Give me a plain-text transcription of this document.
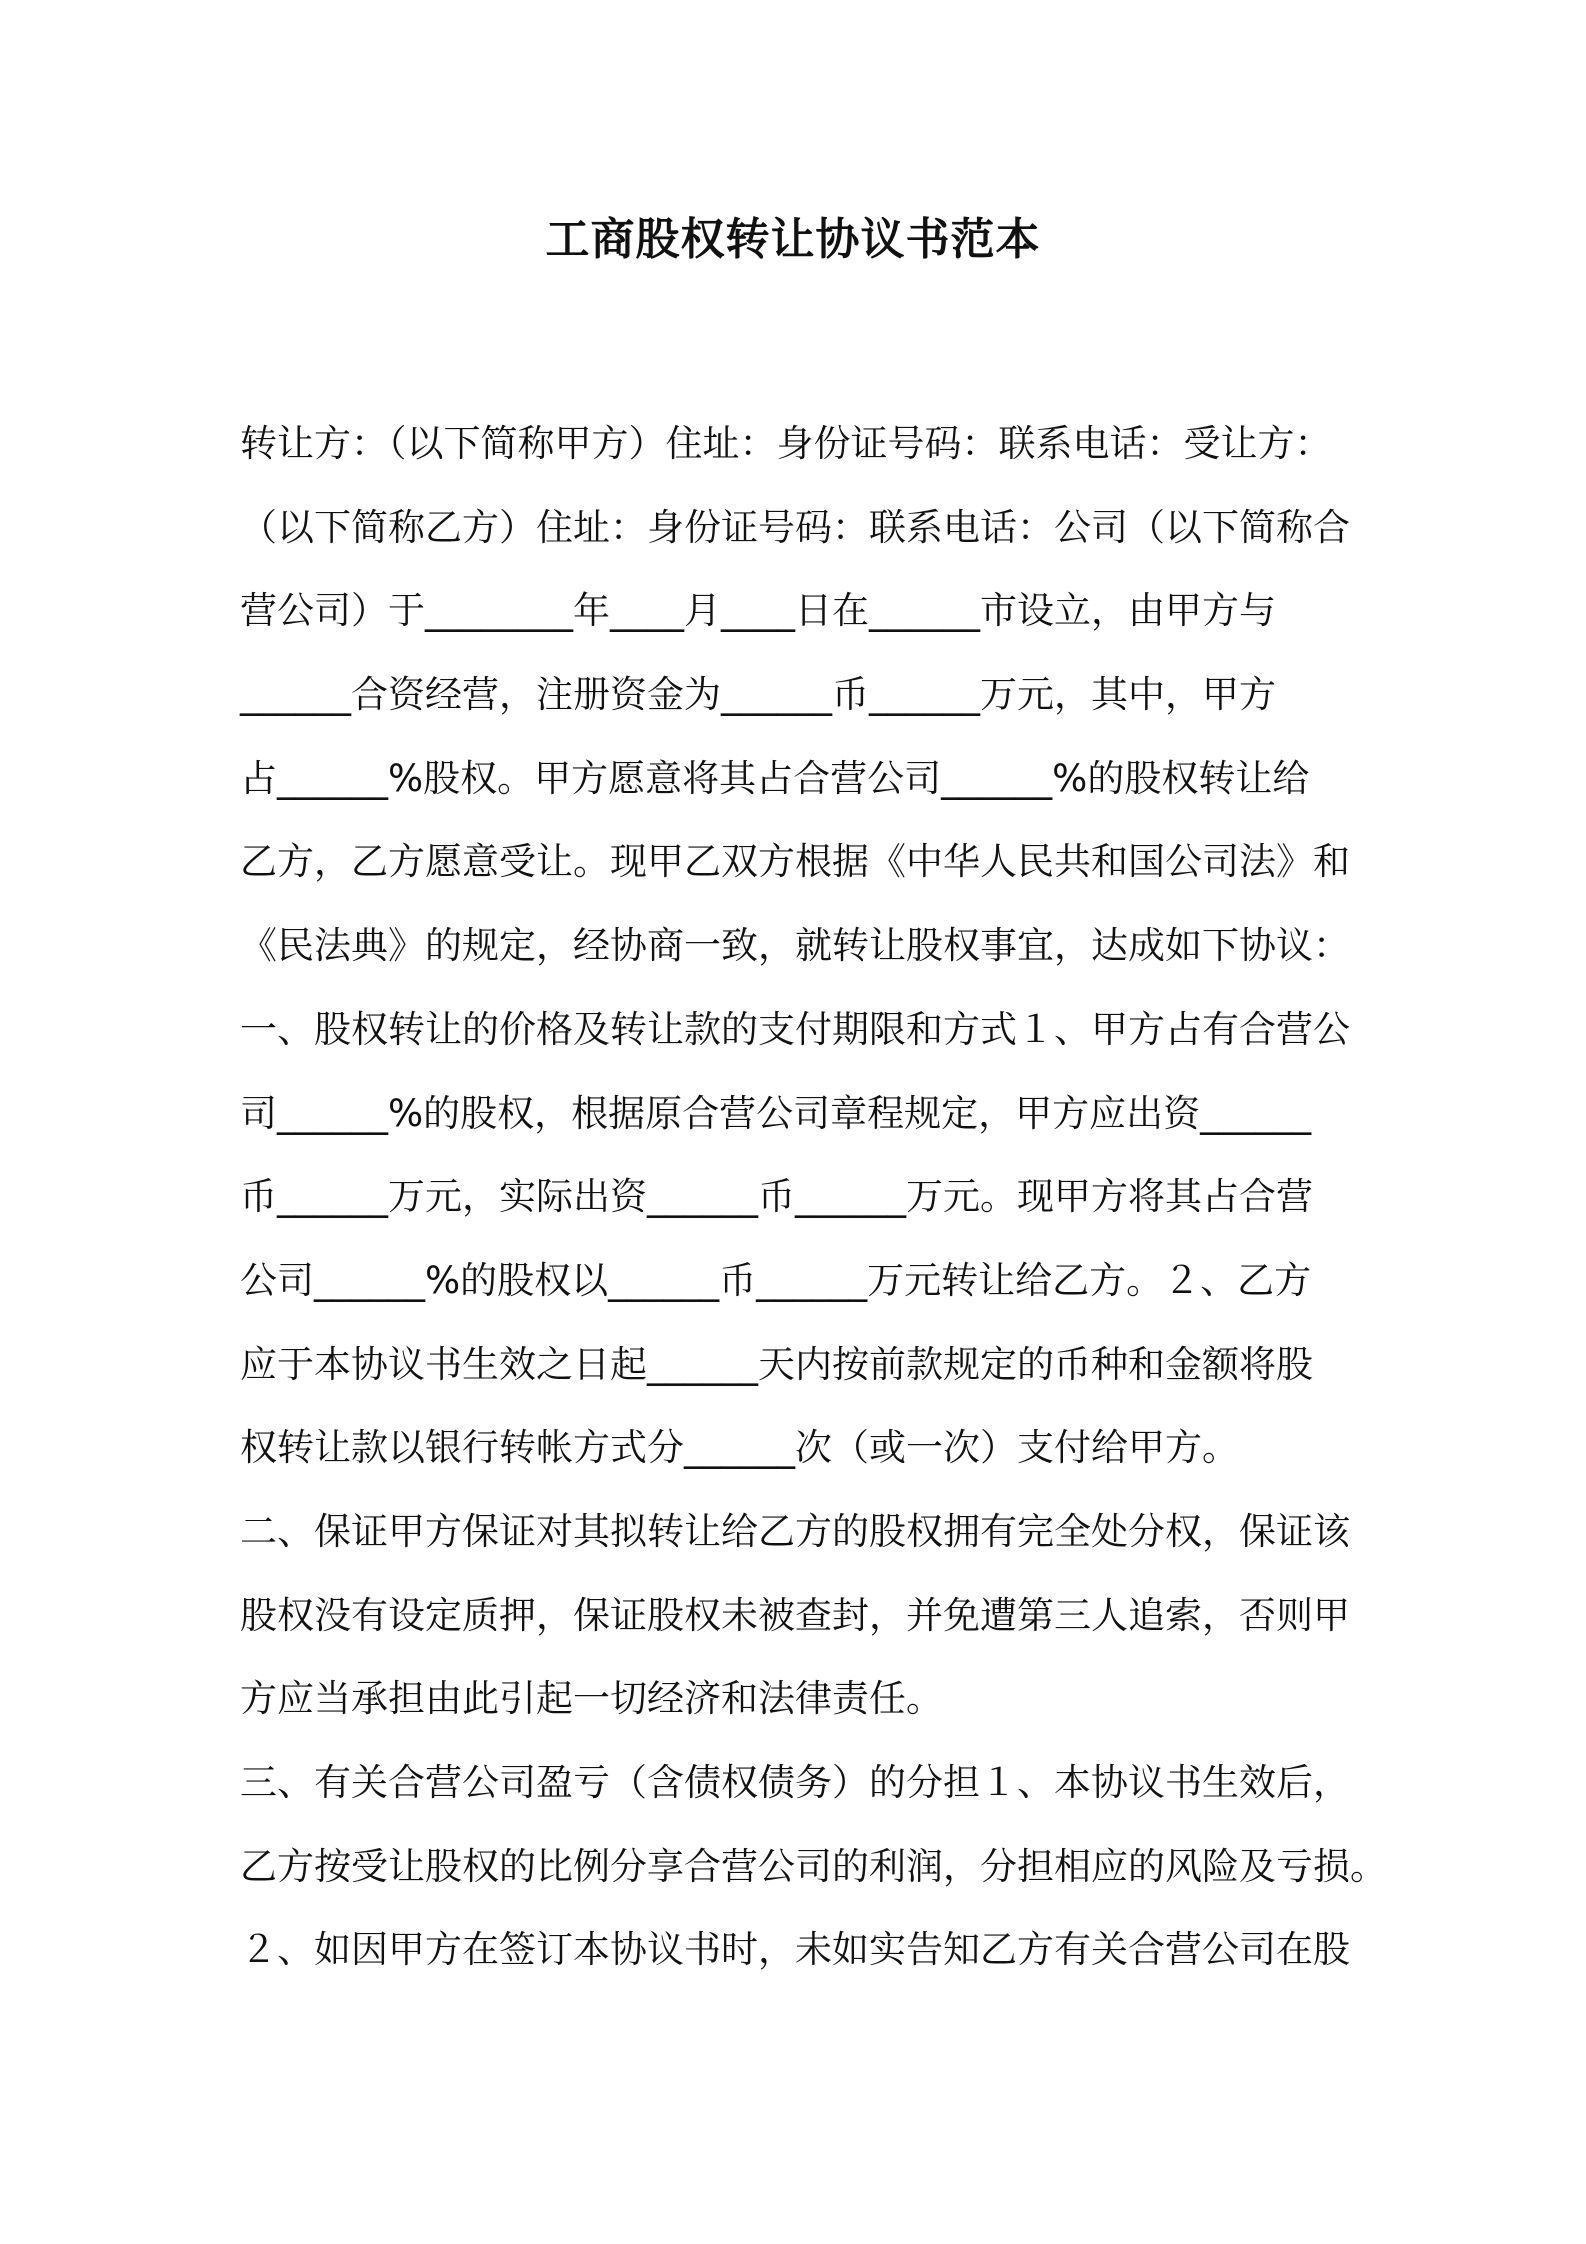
工商股权转让协议书范本
转让方：（以下简称甲方）住址：身份证号码：联系电话：受让方：
（以下简称乙方）住址：身份证号码：联系电话：公司（以下简称合
营公司）于________年____月____日在______市设立，由甲方与
______合资经营，注册资金为______币______万元，其中，甲方
占______%股权。甲方愿意将其占合营公司______%的股权转让给
乙方，乙方愿意受让。现甲乙双方根据《中华人民共和国公司法》和
《民法典》的规定，经协商一致，就转让股权事宜，达成如下协议：
一、股权转让的价格及转让款的支付期限和方式１、甲方占有合营公
司______%的股权，根据原合营公司章程规定，甲方应出资______
币______万元，实际出资______币______万元。现甲方将其占合营
公司______%的股权以______币______万元转让给乙方。２、乙方
应于本协议书生效之日起______天内按前款规定的币种和金额将股
权转让款以银行转帐方式分______次（或一次）支付给甲方。
二、保证甲方保证对其拟转让给乙方的股权拥有完全处分权，保证该
股权没有设定质押，保证股权未被查封，并免遭第三人追索，否则甲
方应当承担由此引起一切经济和法律责任。
三、有关合营公司盈亏（含债权债务）的分担１、本协议书生效后，
乙方按受让股权的比例分享合营公司的利润，分担相应的风险及亏损。
２、如因甲方在签订本协议书时，未如实告知乙方有关合营公司在股
